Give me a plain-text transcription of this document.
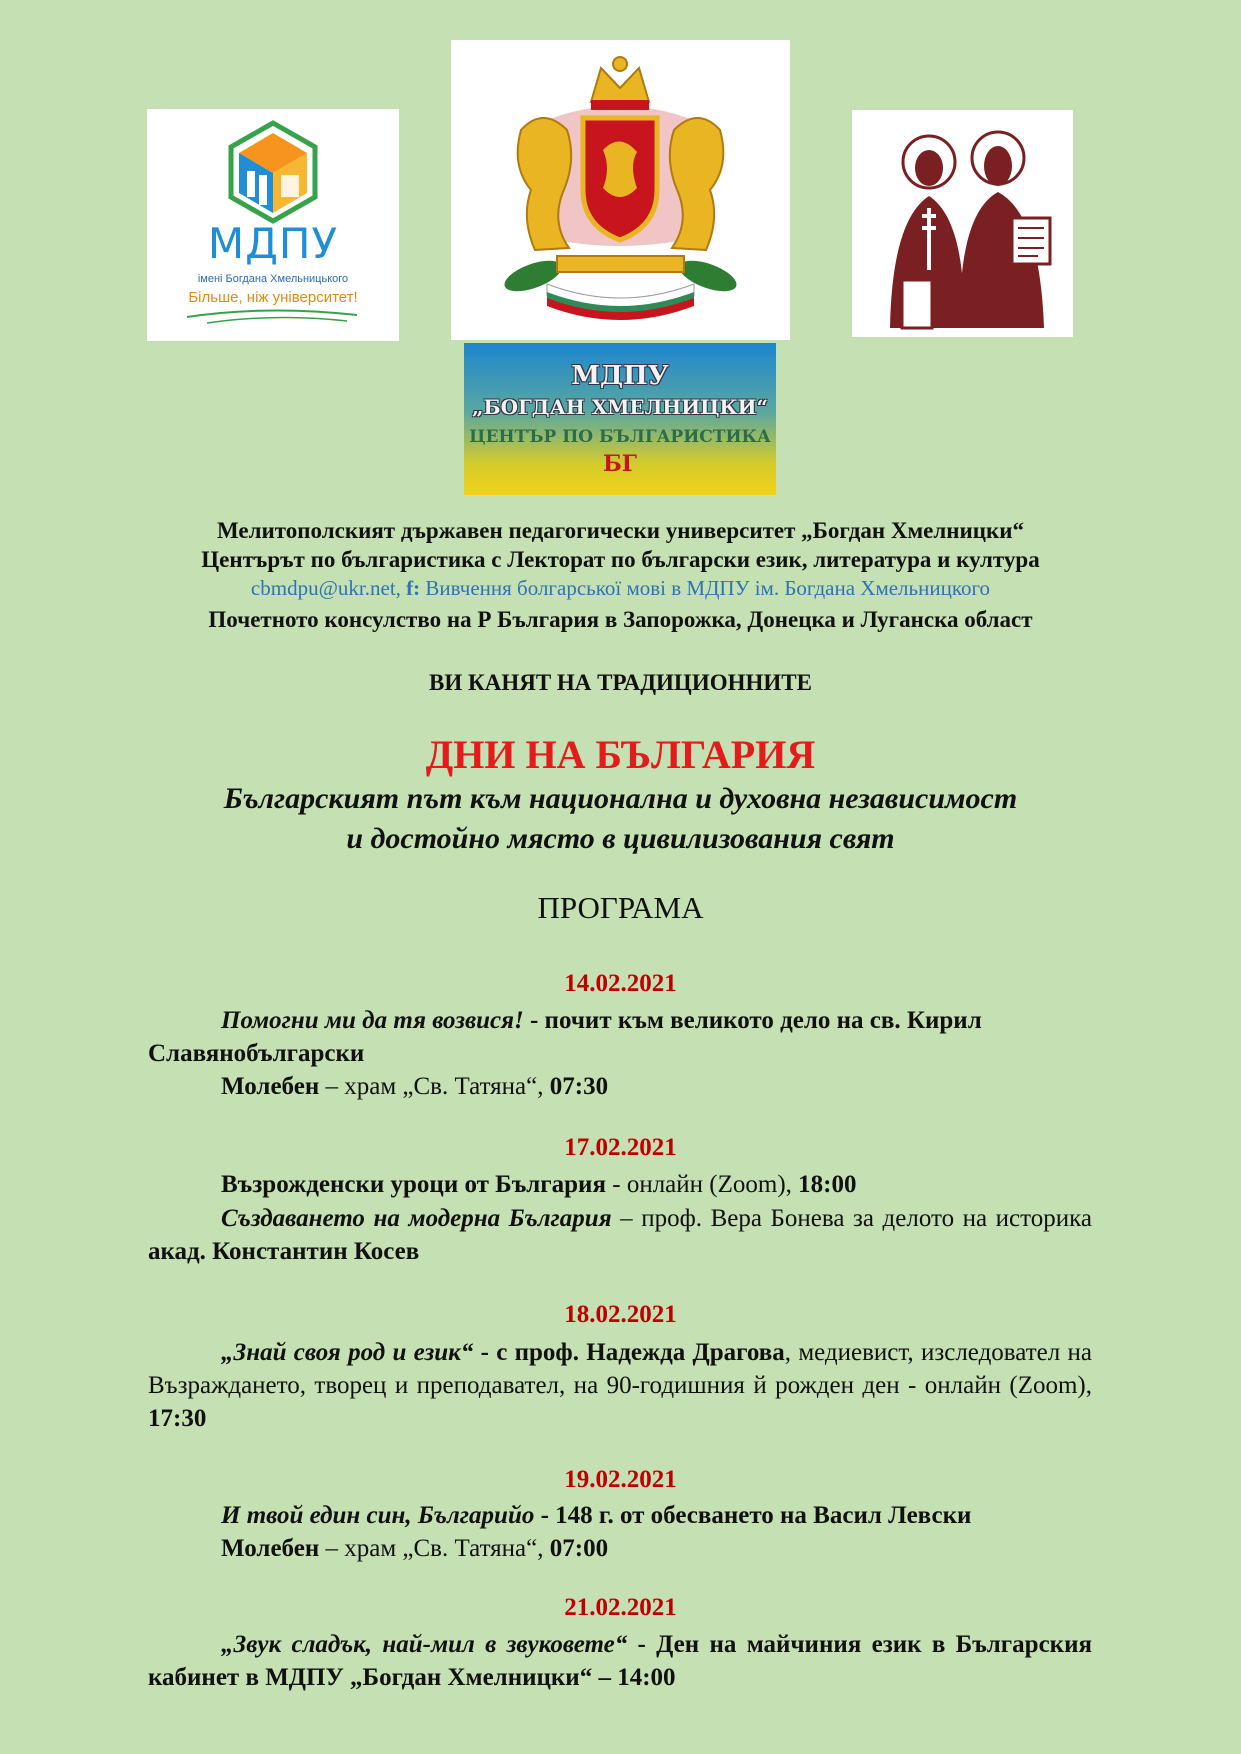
МДПУ
імені Богдана Хмельницького
Більше, ніж університет!
МДПУ
„БОГДАН ХМЕЛНИЦКИ“
ЦЕНТЪР ПО БЪЛГАРИСТИКА
БГ
Мелитополският държавен педагогически университет „Богдан Хмелницки“
Центърът по българистика с Лекторат по български език, литература и култура
cbmdpu@ukr.net, f: Вивчення болгарської мові в МДПУ ім. Богдана Хмельницкого
Почетното консулство на Р България в Запорожка, Донецка и Луганска област
ВИ КАНЯТ НА ТРАДИЦИОННИТЕ
ДНИ НА БЪЛГАРИЯ
Българският път към национална и духовна независимост
и достойно място в цивилизования свят
ПРОГРАМА
14.02.2021

Помогни ми да тя возвися! - почит към великото дело на св. Кирил Славянобългарски

Молебен – храм „Св. Татяна“, 07:30

17.02.2021

Възрожденски уроци от България - онлайн (Zoom), 18:00

Създаването на модерна България – проф. Вера Бонева за делото на историка акад. Константин Косев

18.02.2021

„Знай своя род и език“ - с проф. Надежда Драгова, медиевист, изследовател на Възраждането, творец и преподавател, на 90-годишния й рожден ден - онлайн (Zoom), 17:30

19.02.2021

И твой един син, Българийо - 148 г. от обесването на Васил Левски

Молебен – храм „Св. Татяна“, 07:00

21.02.2021

„Звук сладък, най-мил в звуковете“ - Ден на майчиния език в Българския кабинет в МДПУ „Богдан Хмелницки“ – 14:00
